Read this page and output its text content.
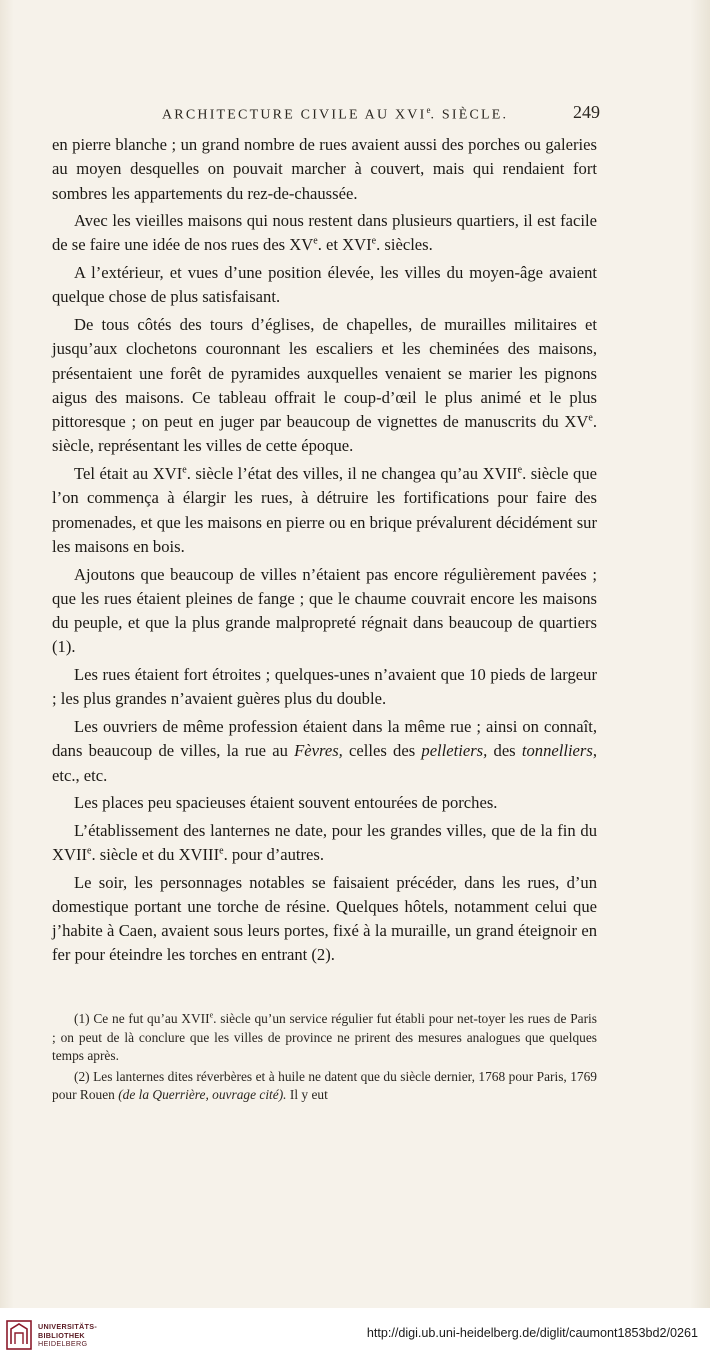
ARCHITECTURE CIVILE AU XVIe. SIÈCLE.	249

en pierre blanche ; un grand nombre de rues avaient aussi des porches ou galeries au moyen desquelles on pouvait marcher à couvert, mais qui rendaient fort sombres les appartements du rez-de-chaussée.

Avec les vieilles maisons qui nous restent dans plusieurs quartiers, il est facile de se faire une idée de nos rues des XVe. et XVIe. siècles.

A l’extérieur, et vues d’une position élevée, les villes du moyen-âge avaient quelque chose de plus satisfaisant.

De tous côtés des tours d’églises, de chapelles, de murailles militaires et jusqu’aux clochetons couronnant les escaliers et les cheminées des maisons, présentaient une forêt de pyramides auxquelles venaient se marier les pignons aigus des maisons. Ce tableau offrait le coup-d’œil le plus animé et le plus pittoresque ; on peut en juger par beaucoup de vignettes de manuscrits du XVe. siècle, représentant les villes de cette époque.

Tel était au XVIe. siècle l’état des villes, il ne changea qu’au XVIIe. siècle que l’on commença à élargir les rues, à détruire les fortifications pour faire des promenades, et que les maisons en pierre ou en brique prévalurent décidément sur les maisons en bois.

Ajoutons que beaucoup de villes n’étaient pas encore régulièrement pavées ; que les rues étaient pleines de fange ; que le chaume couvrait encore les maisons du peuple, et que la plus grande malpropreté régnait dans beaucoup de quartiers (1).

Les rues étaient fort étroites ; quelques-unes n’avaient que 10 pieds de largeur ; les plus grandes n’avaient guères plus du double.

Les ouvriers de même profession étaient dans la même rue ; ainsi on connaît, dans beaucoup de villes, la rue au Fèvres, celles des pelletiers, des tonnelliers, etc., etc.

Les places peu spacieuses étaient souvent entourées de porches.

L’établissement des lanternes ne date, pour les grandes villes, que de la fin du XVIIe. siècle et du XVIIIe. pour d’autres.

Le soir, les personnages notables se faisaient précéder, dans les rues, d’un domestique portant une torche de résine. Quelques hôtels, notamment celui que j’habite à Caen, avaient sous leurs portes, fixé à la muraille, un grand éteignoir en fer pour éteindre les torches en entrant (2).

(1) Ce ne fut qu’au XVIIe. siècle qu’un service régulier fut établi pour net-toyer les rues de Paris ; on peut de là conclure que les villes de province ne prirent des mesures analogues que quelques temps après.

(2) Les lanternes dites réverbères et à huile ne datent que du siècle dernier, 1768 pour Paris, 1769 pour Rouen (de la Querrière, ouvrage cité). Il y eut

UNIVERSITÄTS-
BIBLIOTHEK
HEIDELBERG
http://digi.ub.uni-heidelberg.de/diglit/caumont1853bd2/0261
